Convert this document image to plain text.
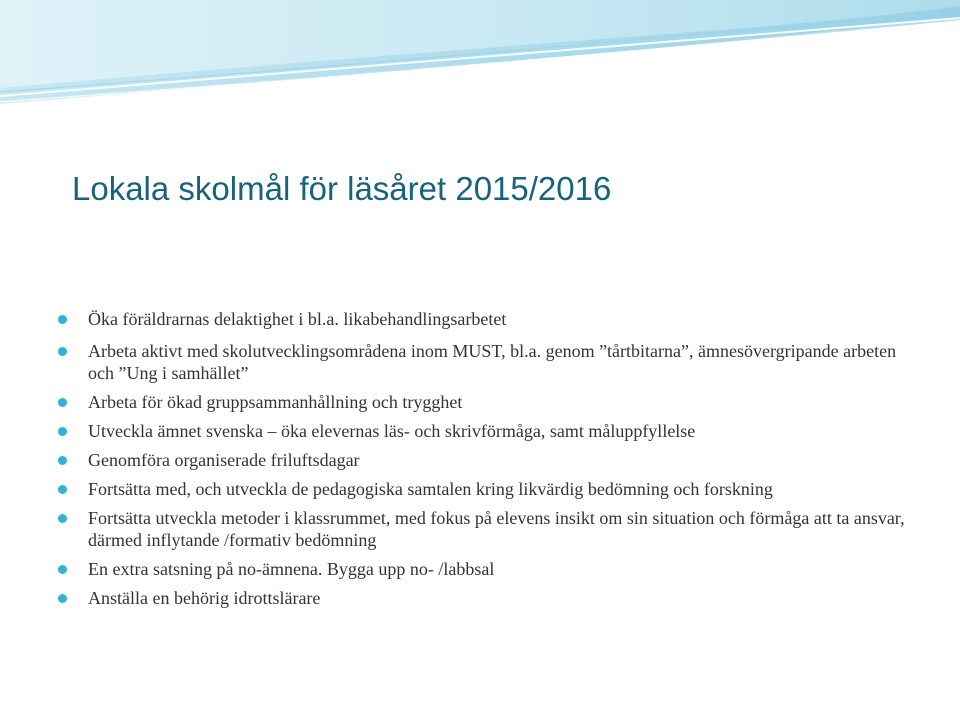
Lokala skolmål för läsåret 2015/2016
Öka föräldrarnas delaktighet i bl.a. likabehandlingsarbetet
Arbeta aktivt med skolutvecklingsområdena inom MUST, bl.a. genom ”tårtbitarna”, ämnesövergripande arbeten och ”Ung i samhället”
Arbeta för ökad gruppsammanhållning och trygghet
Utveckla ämnet svenska – öka elevernas läs- och skrivförmåga, samt måluppfyllelse
Genomföra organiserade friluftsdagar
Fortsätta med, och utveckla de pedagogiska samtalen kring likvärdig bedömning och forskning
Fortsätta utveckla metoder i klassrummet, med fokus på elevens insikt om sin situation och förmåga att ta ansvar, därmed inflytande /formativ bedömning
En extra satsning på no-ämnena. Bygga upp no- /labbsal
Anställa en behörig idrottslärare
